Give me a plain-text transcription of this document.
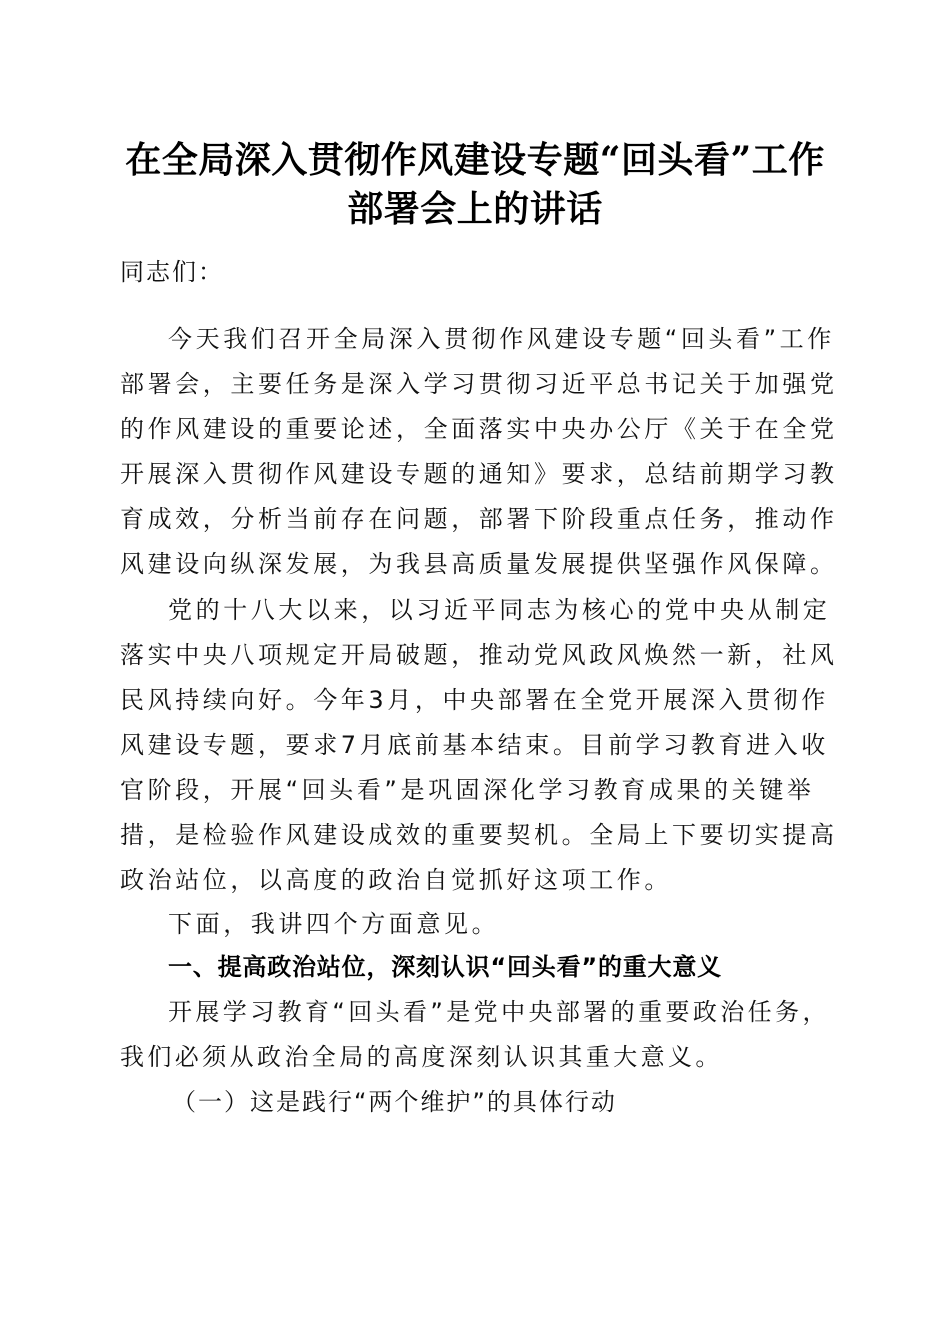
在全局深入贯彻作风建设专题“回头看”工作
部署会上的讲话
同志们：
今天我们召开全局深入贯彻作风建设专题“回头看”工作部署会，主要任务是深入学习贯彻习近平总书记关于加强党的作风建设的重要论述，全面落实中央办公厅《关于在全党开展深入贯彻作风建设专题的通知》要求，总结前期学习教育成效，分析当前存在问题，部署下阶段重点任务，推动作风建设向纵深发展，为我县高质量发展提供坚强作风保障。
党的十八大以来，以习近平同志为核心的党中央从制定落实中央八项规定开局破题，推动党风政风焕然一新，社风民风持续向好。今年3月，中央部署在全党开展深入贯彻作风建设专题，要求7月底前基本结束。目前学习教育进入收官阶段，开展“回头看”是巩固深化学习教育成果的关键举措，是检验作风建设成效的重要契机。全局上下要切实提高政治站位，以高度的政治自觉抓好这项工作。
下面，我讲四个方面意见。
一、提高政治站位，深刻认识“回头看”的重大意义
开展学习教育“回头看”是党中央部署的重要政治任务，我们必须从政治全局的高度深刻认识其重大意义。
（一）这是践行“两个维护”的具体行动
